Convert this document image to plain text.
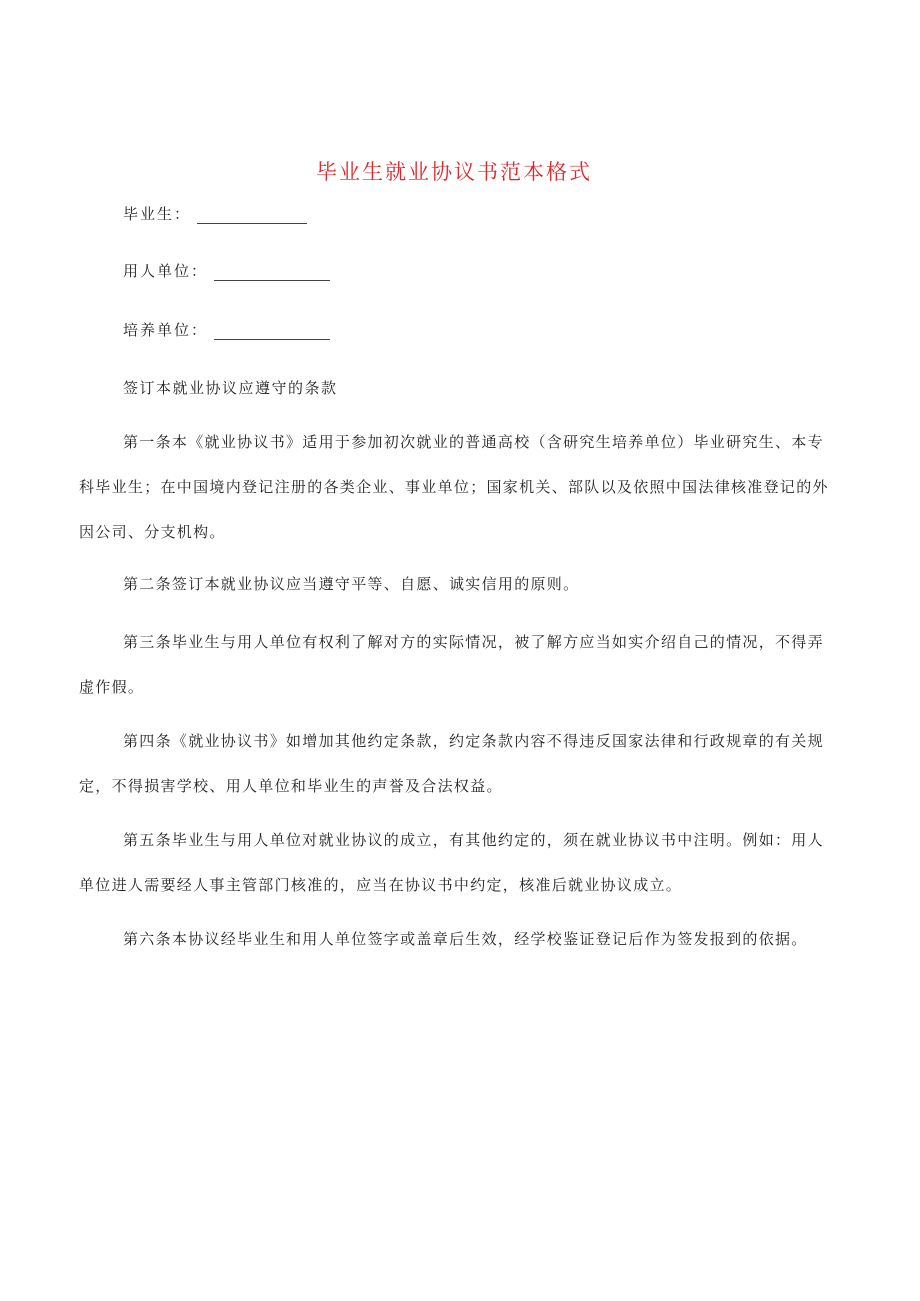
毕业生就业协议书范本格式
毕业生：
用人单位：
培养单位：
签订本就业协议应遵守的条款

第一条本《就业协议书》适用于参加初次就业的普通高校（含研究生培养单位）毕业研究生、本专科毕业生；在中国境内登记注册的各类企业、事业单位；国家机关、部队以及依照中国法律核准登记的外因公司、分支机构。

第二条签订本就业协议应当遵守平等、自愿、诚实信用的原则。

第三条毕业生与用人单位有权利了解对方的实际情况，被了解方应当如实介绍自己的情况，不得弄虚作假。

第四条《就业协议书》如增加其他约定条款，约定条款内容不得违反国家法律和行政规章的有关规定，不得损害学校、用人单位和毕业生的声誉及合法权益。

第五条毕业生与用人单位对就业协议的成立，有其他约定的，须在就业协议书中注明。例如：用人单位进人需要经人事主管部门核准的，应当在协议书中约定，核准后就业协议成立。

第六条本协议经毕业生和用人单位签字或盖章后生效，经学校鉴证登记后作为签发报到的依据。
